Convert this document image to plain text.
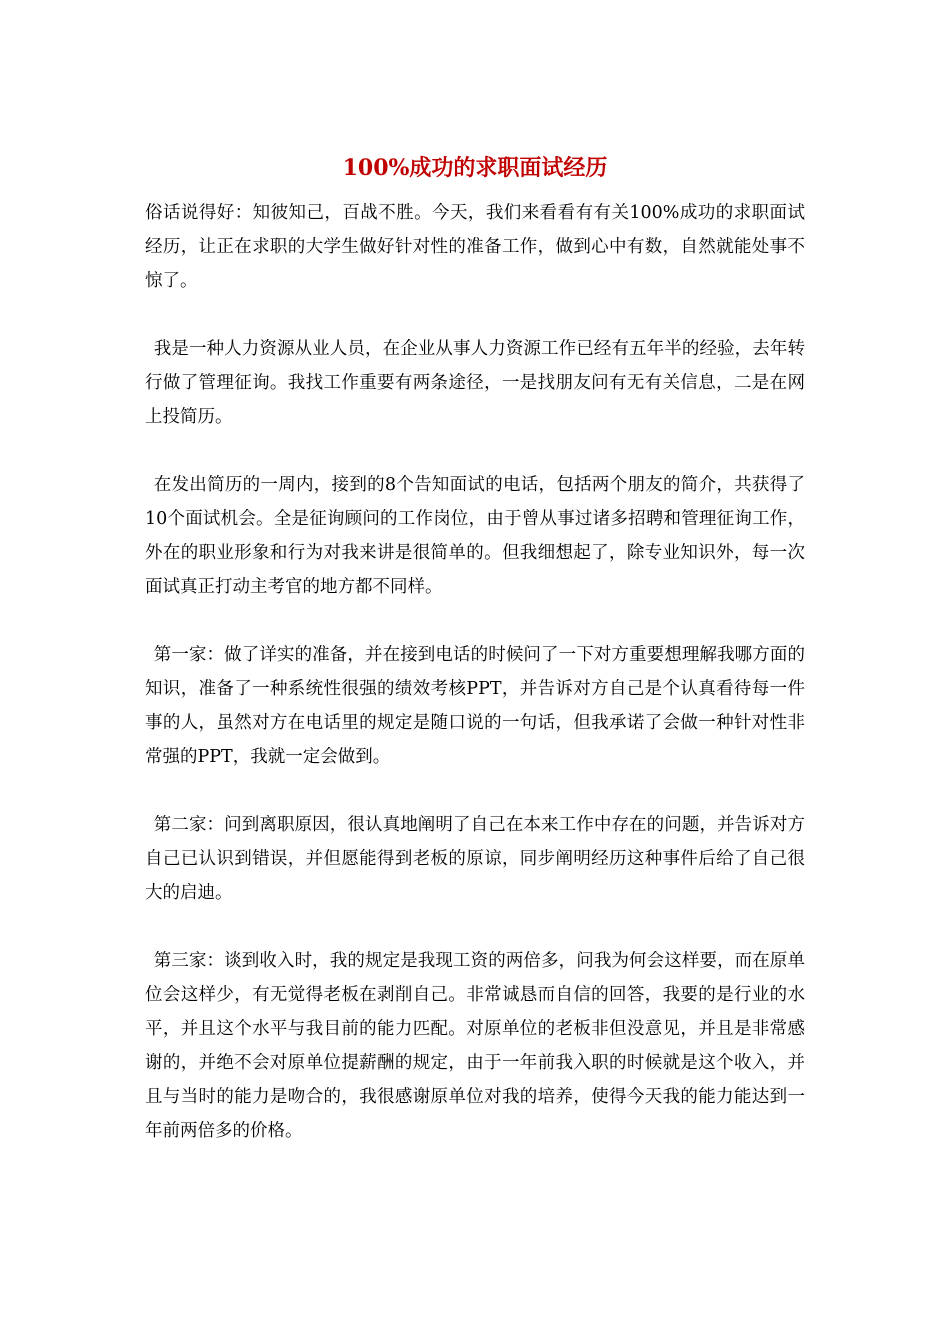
100%成功的求职面试经历

俗话说得好：知彼知己，百战不胜。今天，我们来看看有有关100%成功的求职面试经历，让正在求职的大学生做好针对性的准备工作，做到心中有数，自然就能处事不惊了。

我是一种人力资源从业人员，在企业从事人力资源工作已经有五年半的经验，去年转行做了管理征询。我找工作重要有两条途径，一是找朋友问有无有关信息，二是在网上投简历。

在发出简历的一周内，接到的8个告知面试的电话，包括两个朋友的简介，共获得了10个面试机会。全是征询顾问的工作岗位，由于曾从事过诸多招聘和管理征询工作，外在的职业形象和行为对我来讲是很简单的。但我细想起了，除专业知识外，每一次面试真正打动主考官的地方都不同样。

第一家：做了详实的准备，并在接到电话的时候问了一下对方重要想理解我哪方面的知识，准备了一种系统性很强的绩效考核PPT，并告诉对方自己是个认真看待每一件事的人，虽然对方在电话里的规定是随口说的一句话，但我承诺了会做一种针对性非常强的PPT，我就一定会做到。

第二家：问到离职原因，很认真地阐明了自己在本来工作中存在的问题，并告诉对方自己已认识到错误，并但愿能得到老板的原谅，同步阐明经历这种事件后给了自己很大的启迪。

第三家：谈到收入时，我的规定是我现工资的两倍多，问我为何会这样要，而在原单位会这样少，有无觉得老板在剥削自己。非常诚恳而自信的回答，我要的是行业的水平，并且这个水平与我目前的能力匹配。对原单位的老板非但没意见，并且是非常感谢的，并绝不会对原单位提薪酬的规定，由于一年前我入职的时候就是这个收入，并且与当时的能力是吻合的，我很感谢原单位对我的培养，使得今天我的能力能达到一年前两倍多的价格。
